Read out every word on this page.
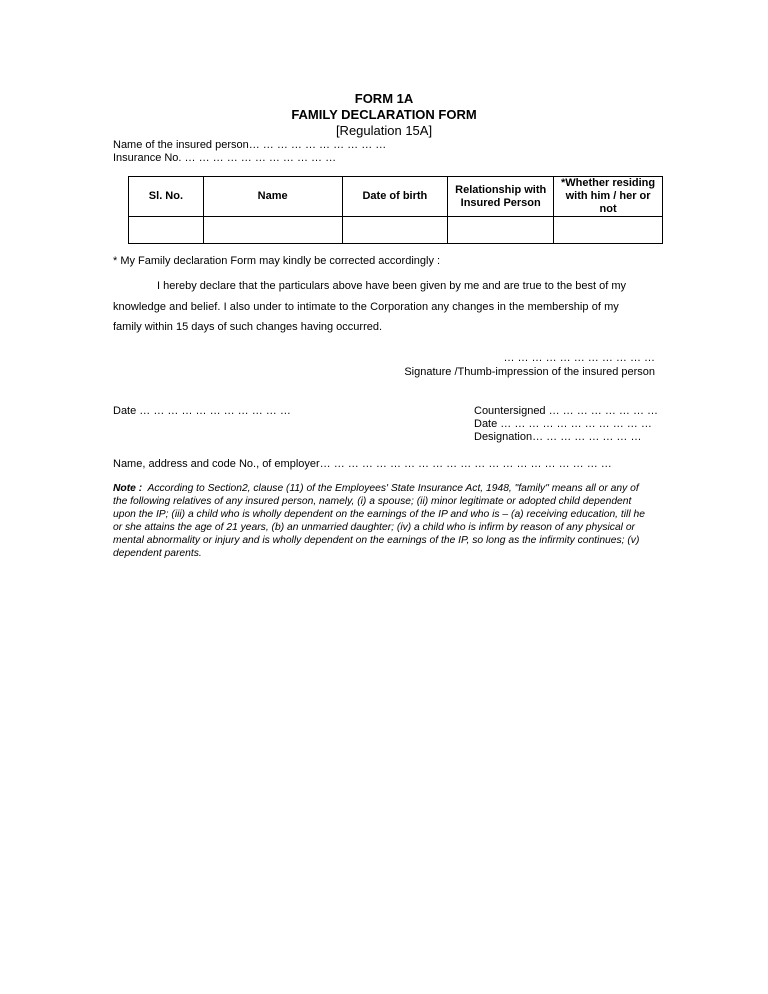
FORM 1A
FAMILY DECLARATION FORM
[Regulation 15A]
Name of the insured person… … … … … … … … … …
Insurance No. … … … … … … … … … … …
Sl. No.	Name	Date of birth	Relationship with Insured Person	*Whether residing with him / her or not

* My Family declaration Form may kindly be corrected accordingly :
I hereby declare that the particulars above have been given by me and are true to the best of my
knowledge and belief. I also under to intimate to the Corporation any changes in the membership of my
family within 15 days of such changes having occurred.
… … … … … … … … … … …
Signature /Thumb-impression of the insured person
Date … … … … … … … … … … …	Countersigned … … … … … … … …
Date … … … … … … … … … … …
Designation… … … … … … … …
Name, address and code No., of employer… … … … … … … … … … … … … … … … … … … … …
Note : According to Section2, clause (11) of the Employees' State Insurance Act, 1948, "family" means all or any of the following relatives of any insured person, namely, (i) a spouse; (ii) minor legitimate or adopted child dependent upon the IP; (iii) a child who is wholly dependent on the earnings of the IP and who is – (a) receiving education, till he or she attains the age of 21 years, (b) an unmarried daughter; (iv) a child who is infirm by reason of any physical or mental abnormality or injury and is wholly dependent on the earnings of the IP, so long as the infirmity continues; (v) dependent parents.
